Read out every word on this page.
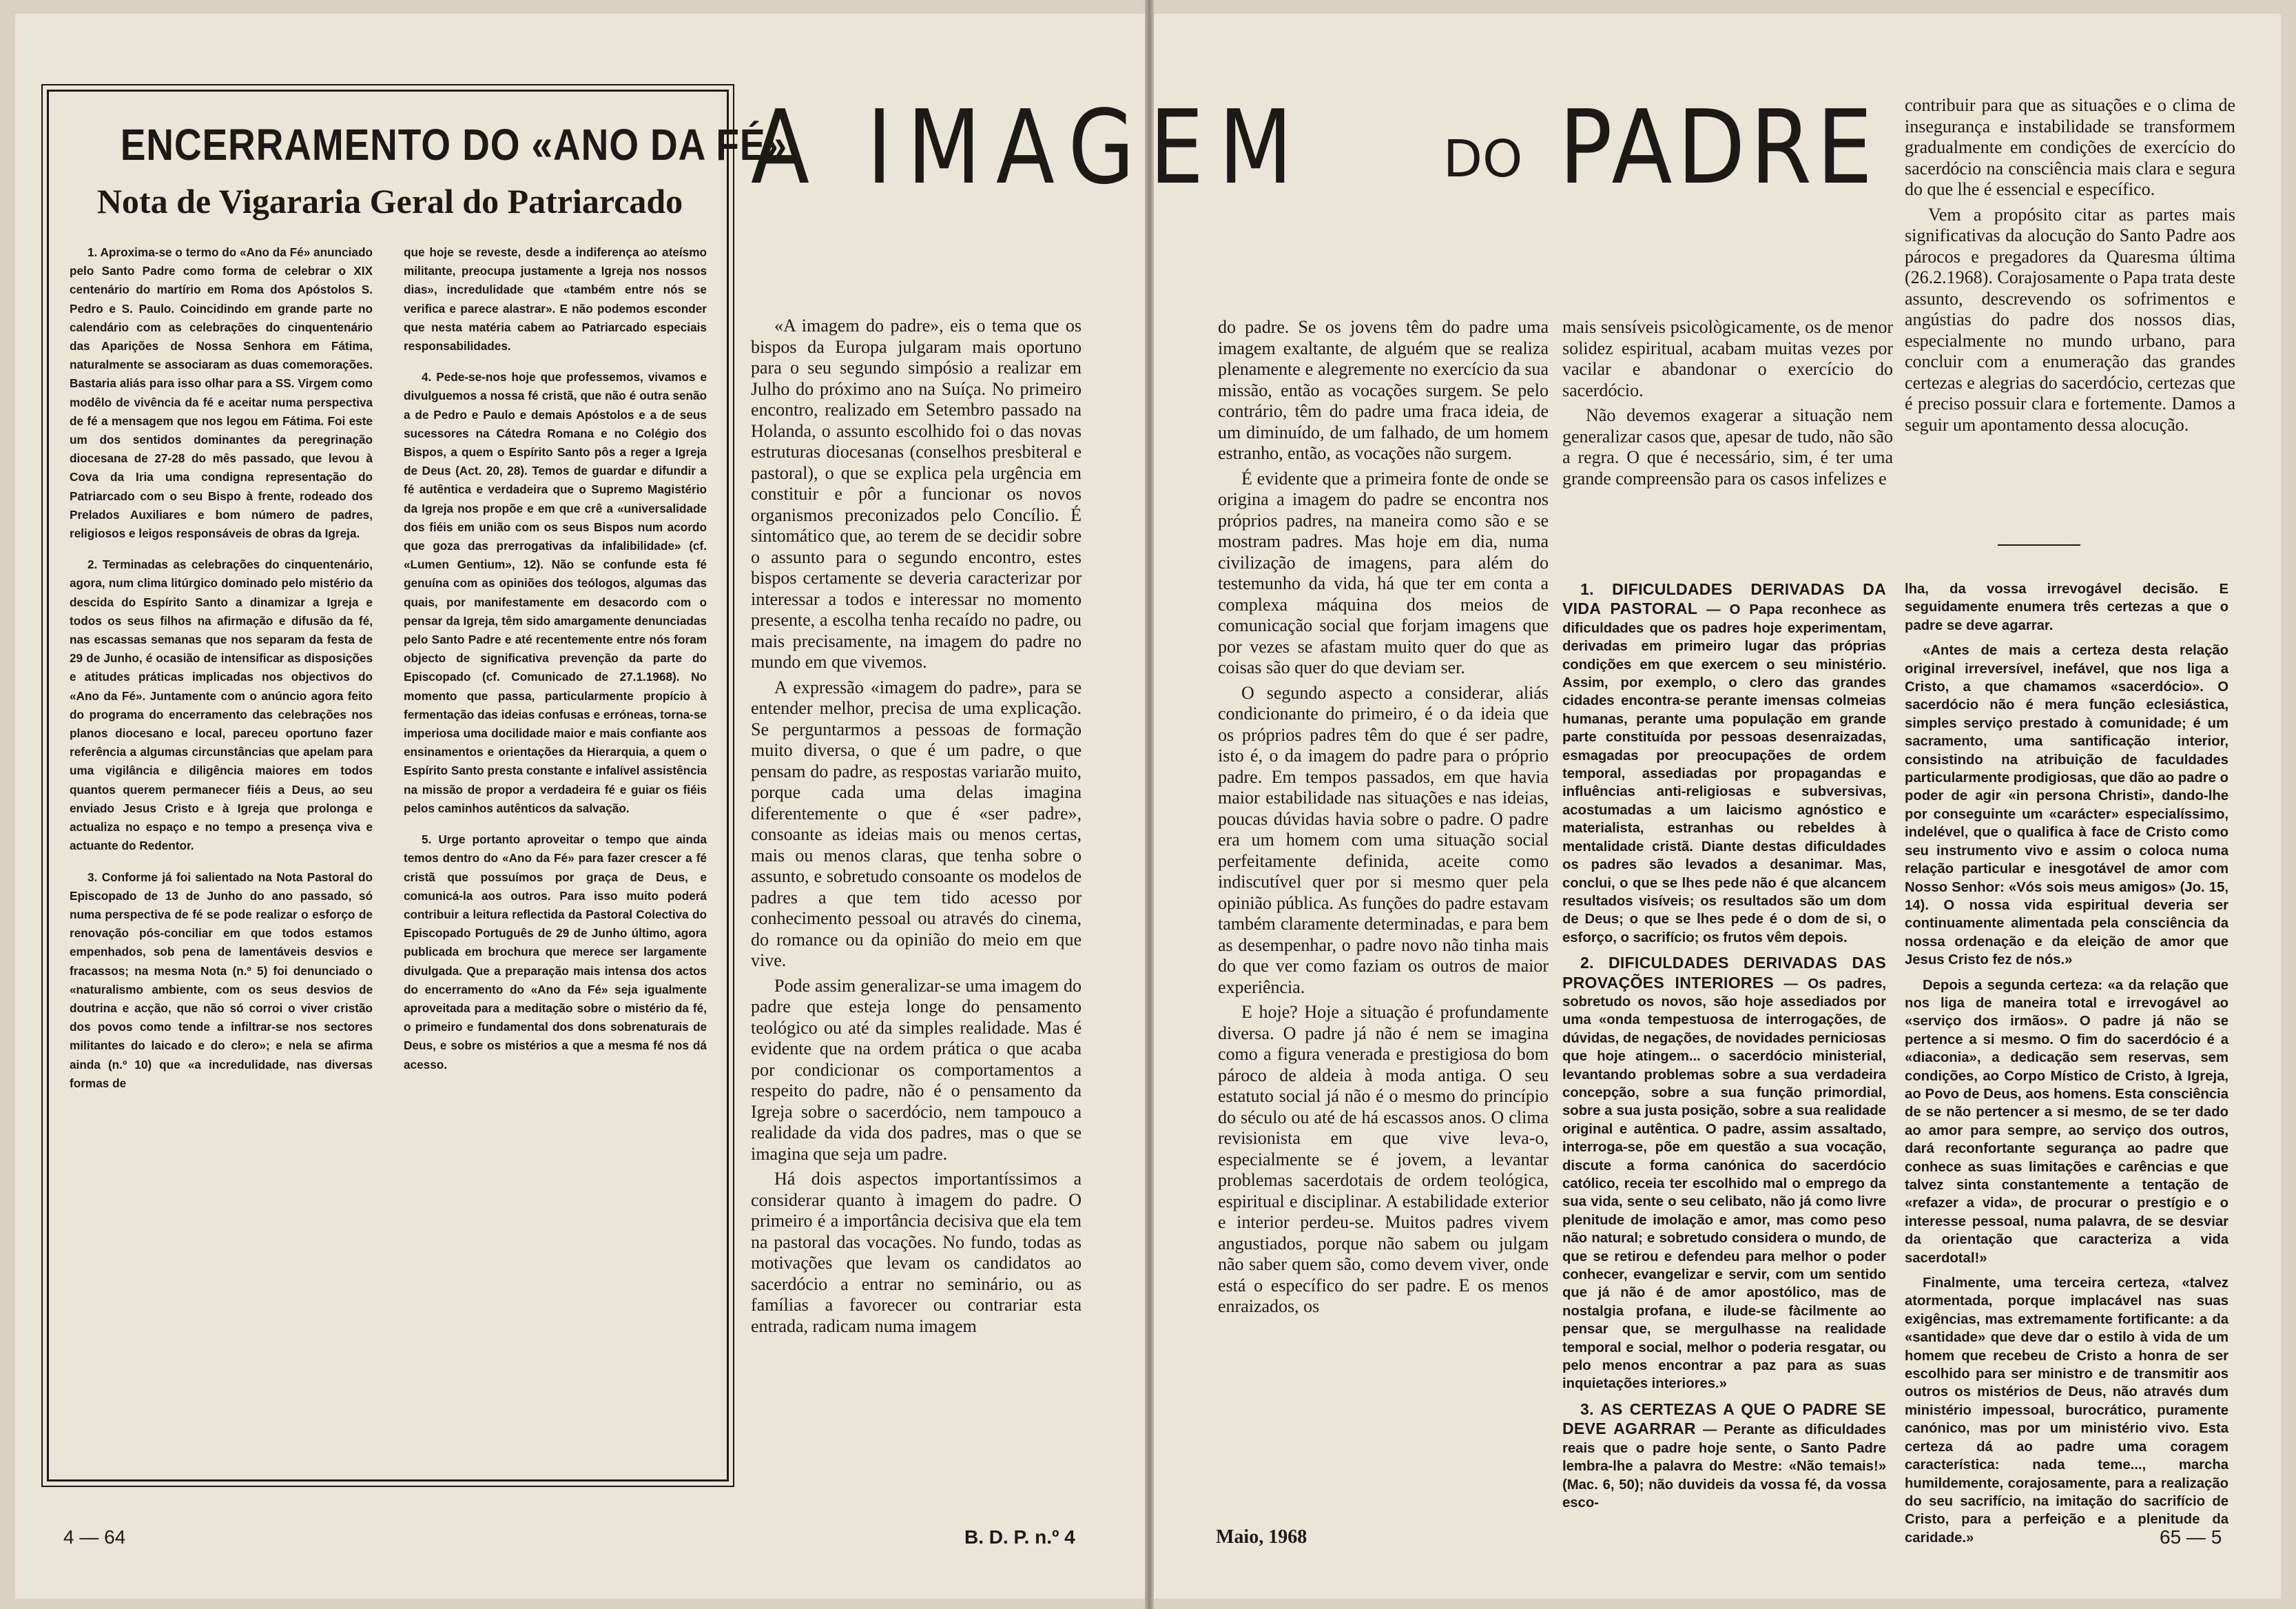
ENCERRAMENTO DO «ANO DA FÉ»
Nota de Vigararia Geral do Patriarcado

1. Aproxima-se o termo do «Ano da Fé» anunciado pelo Santo Padre como forma de celebrar o XIX centenário do martírio em Roma dos Apóstolos S. Pedro e S. Paulo. Coincidindo em grande parte no calendário com as celebrações do cinquentenário das Aparições de Nossa Senhora em Fátima, naturalmente se associaram as duas comemorações. Bastaria aliás para isso olhar para a SS. Virgem como modêlo de vivência da fé e aceitar numa perspectiva de fé a mensagem que nos legou em Fátima. Foi este um dos sentidos dominantes da peregrinação diocesana de 27-28 do mês passado, que levou à Cova da Iria uma condigna representação do Patriarcado com o seu Bispo à frente, rodeado dos Prelados Auxiliares e bom número de padres, religiosos e leigos responsáveis de obras da Igreja.

2. Terminadas as celebrações do cinquentenário, agora, num clima litúrgico dominado pelo mistério da descida do Espírito Santo a dinamizar a Igreja e todos os seus filhos na afirmação e difusão da fé, nas escassas semanas que nos separam da festa de 29 de Junho, é ocasião de intensificar as disposições e atitudes práticas implicadas nos objectivos do «Ano da Fé». Juntamente com o anúncio agora feito do programa do encerramento das celebrações nos planos diocesano e local, pareceu oportuno fazer referência a algumas circunstâncias que apelam para uma vigilância e diligência maiores em todos quantos querem permanecer fiéis a Deus, ao seu enviado Jesus Cristo e à Igreja que prolonga e actualiza no espaço e no tempo a presença viva e actuante do Redentor.

3. Conforme já foi salientado na Nota Pastoral do Episcopado de 13 de Junho do ano passado, só numa perspectiva de fé se pode realizar o esforço de renovação pós-conciliar em que todos estamos empenhados, sob pena de lamentáveis desvios e fracassos; na mesma Nota (n.º 5) foi denunciado o «naturalismo ambiente, com os seus desvios de doutrina e acção, que não só corroi o viver cristão dos povos como tende a infiltrar-se nos sectores militantes do laicado e do clero»; e nela se afirma ainda (n.º 10) que «a incredulidade, nas diversas formas de

que hoje se reveste, desde a indiferença ao ateísmo militante, preocupa justamente a Igreja nos nossos dias», incredulidade que «também entre nós se verifica e parece alastrar». E não podemos esconder que nesta matéria cabem ao Patriarcado especiais responsabilidades.

4. Pede-se-nos hoje que professemos, vivamos e divulguemos a nossa fé cristã, que não é outra senão a de Pedro e Paulo e demais Apóstolos e a de seus sucessores na Cátedra Romana e no Colégio dos Bispos, a quem o Espírito Santo pôs a reger a Igreja de Deus (Act. 20, 28). Temos de guardar e difundir a fé autêntica e verdadeira que o Supremo Magistério da Igreja nos propõe e em que crê a «universalidade dos fiéis em união com os seus Bispos num acordo que goza das prerrogativas da infalibilidade» (cf. «Lumen Gentium», 12). Não se confunde esta fé genuína com as opiniões dos teólogos, algumas das quais, por manifestamente em desacordo com o pensar da Igreja, têm sido amargamente denunciadas pelo Santo Padre e até recentemente entre nós foram objecto de significativa prevenção da parte do Episcopado (cf. Comunicado de 27.1.1968). No momento que passa, particularmente propício à fermentação das ideias confusas e erróneas, torna-se imperiosa uma docilidade maior e mais confiante aos ensinamentos e orientações da Hierarquia, a quem o Espírito Santo presta constante e infalível assistência na missão de propor a verdadeira fé e guiar os fiéis pelos caminhos autênticos da salvação.

5. Urge portanto aproveitar o tempo que ainda temos dentro do «Ano da Fé» para fazer crescer a fé cristã que possuímos por graça de Deus, e comunicá-la aos outros. Para isso muito poderá contribuir a leitura reflectida da Pastoral Colectiva do Episcopado Português de 29 de Junho último, agora publicada em brochura que merece ser largamente divulgada. Que a preparação mais intensa dos actos do encerramento do «Ano da Fé» seja igualmente aproveitada para a meditação sobre o mistério da fé, o primeiro e fundamental dos dons sobrenaturais de Deus, e sobre os mistérios a que a mesma fé nos dá acesso.

A IMAGEM	DO PADRE

«A imagem do padre», eis o tema que os bispos da Europa julgaram mais oportuno para o seu segundo simpósio a realizar em Julho do próximo ano na Suíça. No primeiro encontro, realizado em Setembro passado na Holanda, o assunto escolhido foi o das novas estruturas diocesanas (conselhos presbiteral e pastoral), o que se explica pela urgência em constituir e pôr a funcionar os novos organismos preconizados pelo Concílio. É sintomático que, ao terem de se decidir sobre o assunto para o segundo encontro, estes bispos certamente se deveria caracterizar por interessar a todos e interessar no momento presente, a escolha tenha recaído no padre, ou mais precisamente, na imagem do padre no mundo em que vivemos.

A expressão «imagem do padre», para se entender melhor, precisa de uma explicação. Se perguntarmos a pessoas de formação muito diversa, o que é um padre, o que pensam do padre, as respostas variarão muito, porque cada uma delas imagina diferentemente o que é «ser padre», consoante as ideias mais ou menos certas, mais ou menos claras, que tenha sobre o assunto, e sobretudo consoante os modelos de padres a que tem tido acesso por conhecimento pessoal ou através do cinema, do romance ou da opinião do meio em que vive.

Pode assim generalizar-se uma imagem do padre que esteja longe do pensamento teológico ou até da simples realidade. Mas é evidente que na ordem prática o que acaba por condicionar os comportamentos a respeito do padre, não é o pensamento da Igreja sobre o sacerdócio, nem tampouco a realidade da vida dos padres, mas o que se imagina que seja um padre.

Há dois aspectos importantíssimos a considerar quanto à imagem do padre. O primeiro é a importância decisiva que ela tem na pastoral das vocações. No fundo, todas as motivações que levam os candidatos ao sacerdócio a entrar no seminário, ou as famílias a favorecer ou contrariar esta entrada, radicam numa imagem

do padre. Se os jovens têm do padre uma imagem exaltante, de alguém que se realiza plenamente e alegremente no exercício da sua missão, então as vocações surgem. Se pelo contrário, têm do padre uma fraca ideia, de um diminuído, de um falhado, de um homem estranho, então, as vocações não surgem.

É evidente que a primeira fonte de onde se origina a imagem do padre se encontra nos próprios padres, na maneira como são e se mostram padres. Mas hoje em dia, numa civilização de imagens, para além do testemunho da vida, há que ter em conta a complexa máquina dos meios de comunicação social que forjam imagens que por vezes se afastam muito quer do que as coisas são quer do que deviam ser.

O segundo aspecto a considerar, aliás condicionante do primeiro, é o da ideia que os próprios padres têm do que é ser padre, isto é, o da imagem do padre para o próprio padre. Em tempos passados, em que havia maior estabilidade nas situações e nas ideias, poucas dúvidas havia sobre o padre. O padre era um homem com uma situação social perfeitamente definida, aceite como indiscutível quer por si mesmo quer pela opinião pública. As funções do padre estavam também claramente determinadas, e para bem as desempenhar, o padre novo não tinha mais do que ver como faziam os outros de maior experiência.

E hoje? Hoje a situação é profundamente diversa. O padre já não é nem se imagina como a figura venerada e prestigiosa do bom pároco de aldeia à moda antiga. O seu estatuto social já não é o mesmo do princípio do século ou até de há escassos anos. O clima revisionista em que vive leva-o, especialmente se é jovem, a levantar problemas sacerdotais de ordem teológica, espiritual e disciplinar. A estabilidade exterior e interior perdeu-se. Muitos padres vivem angustiados, porque não sabem ou julgam não saber quem são, como devem viver, onde está o específico do ser padre. E os menos enraizados, os

mais sensíveis psicològicamente, os de menor solidez espiritual, acabam muitas vezes por vacilar e abandonar o exercício do sacerdócio.

Não devemos exagerar a situação nem generalizar casos que, apesar de tudo, não são a regra. O que é necessário, sim, é ter uma grande compreensão para os casos infelizes e

contribuir para que as situações e o clima de insegurança e instabilidade se transformem gradualmente em condições de exercício do sacerdócio na consciência mais clara e segura do que lhe é essencial e específico.

Vem a propósito citar as partes mais significativas da alocução do Santo Padre aos párocos e pregadores da Quaresma última (26.2.1968). Corajosamente o Papa trata deste assunto, descrevendo os sofrimentos e angústias do padre dos nossos dias, especialmente no mundo urbano, para concluir com a enumeração das grandes certezas e alegrias do sacerdócio, certezas que é preciso possuir clara e fortemente. Damos a seguir um apontamento dessa alocução.

1. DIFICULDADES DERIVADAS DA VIDA PASTORAL — O Papa reconhece as dificuldades que os padres hoje experimentam, derivadas em primeiro lugar das próprias condições em que exercem o seu ministério. Assim, por exemplo, o clero das grandes cidades encontra-se perante imensas colmeias humanas, perante uma população em grande parte constituída por pessoas desenraizadas, esmagadas por preocupações de ordem temporal, assediadas por propagandas e influências anti-religiosas e subversivas, acostumadas a um laicismo agnóstico e materialista, estranhas ou rebeldes à mentalidade cristã. Diante destas dificuldades os padres são levados a desanimar. Mas, conclui, o que se lhes pede não é que alcancem resultados visíveis; os resultados são um dom de Deus; o que se lhes pede é o dom de si, o esforço, o sacrifício; os frutos vêm depois.

2. DIFICULDADES DERIVADAS DAS PROVAÇÕES INTERIORES — Os padres, sobretudo os novos, são hoje assediados por uma «onda tempestuosa de interrogações, de dúvidas, de negações, de novidades perniciosas que hoje atingem... o sacerdócio ministerial, levantando problemas sobre a sua verdadeira concepção, sobre a sua função primordial, sobre a sua justa posição, sobre a sua realidade original e autêntica. O padre, assim assaltado, interroga-se, põe em questão a sua vocação, discute a forma canónica do sacerdócio católico, receia ter escolhido mal o emprego da sua vida, sente o seu celibato, não já como livre plenitude de imolação e amor, mas como peso não natural; e sobretudo considera o mundo, de que se retirou e defendeu para melhor o poder conhecer, evangelizar e servir, com um sentido que já não é de amor apostólico, mas de nostalgia profana, e ilude-se fàcilmente ao pensar que, se mergulhasse na realidade temporal e social, melhor o poderia resgatar, ou pelo menos encontrar a paz para as suas inquietações interiores.»

3. AS CERTEZAS A QUE O PADRE SE DEVE AGARRAR — Perante as dificuldades reais que o padre hoje sente, o Santo Padre lembra-lhe a palavra do Mestre: «Não temais!» (Mac. 6, 50); não duvideis da vossa fé, da vossa esco-

lha, da vossa irrevogável decisão. E seguidamente enumera três certezas a que o padre se deve agarrar.

«Antes de mais a certeza desta relação original irreversível, inefável, que nos liga a Cristo, a que chamamos «sacerdócio». O sacerdócio não é mera função eclesiástica, simples serviço prestado à comunidade; é um sacramento, uma santificação interior, consistindo na atribuição de faculdades particularmente prodigiosas, que dão ao padre o poder de agir «in persona Christi», dando-lhe por conseguinte um «carácter» especialíssimo, indelével, que o qualifica à face de Cristo como seu instrumento vivo e assim o coloca numa relação particular e inesgotável de amor com Nosso Senhor: «Vós sois meus amigos» (Jo. 15, 14). O nossa vida espiritual deveria ser continuamente alimentada pela consciência da nossa ordenação e da eleição de amor que Jesus Cristo fez de nós.»

Depois a segunda certeza: «a da relação que nos liga de maneira total e irrevogável ao «serviço dos irmãos». O padre já não se pertence a si mesmo. O fim do sacerdócio é a «diaconia», a dedicação sem reservas, sem condições, ao Corpo Místico de Cristo, à Igreja, ao Povo de Deus, aos homens. Esta consciência de se não pertencer a si mesmo, de se ter dado ao amor para sempre, ao serviço dos outros, dará reconfortante segurança ao padre que conhece as suas limitações e carências e que talvez sinta constantemente a tentação de «refazer a vida», de procurar o prestígio e o interesse pessoal, numa palavra, de se desviar da orientação que caracteriza a vida sacerdotal!»

Finalmente, uma terceira certeza, «talvez atormentada, porque implacável nas suas exigências, mas extremamente fortificante: a da «santidade» que deve dar o estilo à vida de um homem que recebeu de Cristo a honra de ser escolhido para ser ministro e de transmitir aos outros os mistérios de Deus, não através dum ministério impessoal, burocrático, puramente canónico, mas por um ministério vivo. Esta certeza dá ao padre uma coragem característica: nada teme..., marcha humildemente, corajosamente, para a realização do seu sacrifício, na imitação do sacrifício de Cristo, para a perfeição e a plenitude da caridade.»

4 — 64	B. D. P. n.º 4	Maio, 1968	65 — 5
